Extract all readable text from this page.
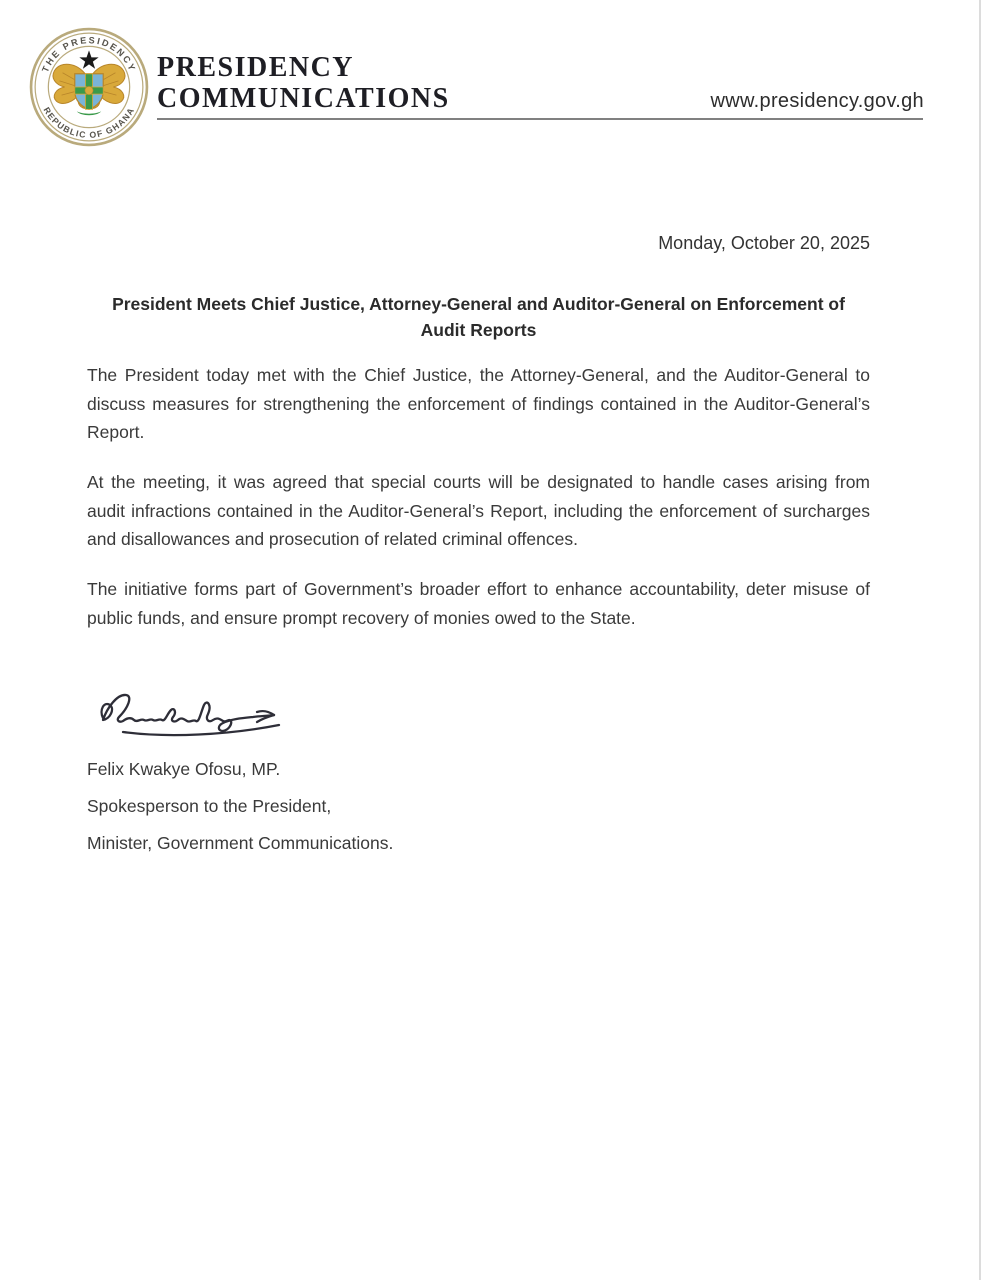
THE PRESIDENCY
REPUBLIC OF GHANA
PRESIDENCY
COMMUNICATIONS	www.presidency.gov.gh
Monday, October 20, 2025
President Meets Chief Justice, Attorney-General and Auditor-General on Enforcement of Audit Reports

The President today met with the Chief Justice, the Attorney-General, and the Auditor-General to discuss measures for strengthening the enforcement of findings contained in the Auditor-General’s Report.

At the meeting, it was agreed that special courts will be designated to handle cases arising from audit infractions contained in the Auditor-General’s Report, including the enforcement of surcharges and disallowances and prosecution of related criminal offences.

The initiative forms part of Government’s broader effort to enhance accountability, deter misuse of public funds, and ensure prompt recovery of monies owed to the State.

Felix Kwakye Ofosu, MP.
Spokesperson to the President,
Minister, Government Communications.
